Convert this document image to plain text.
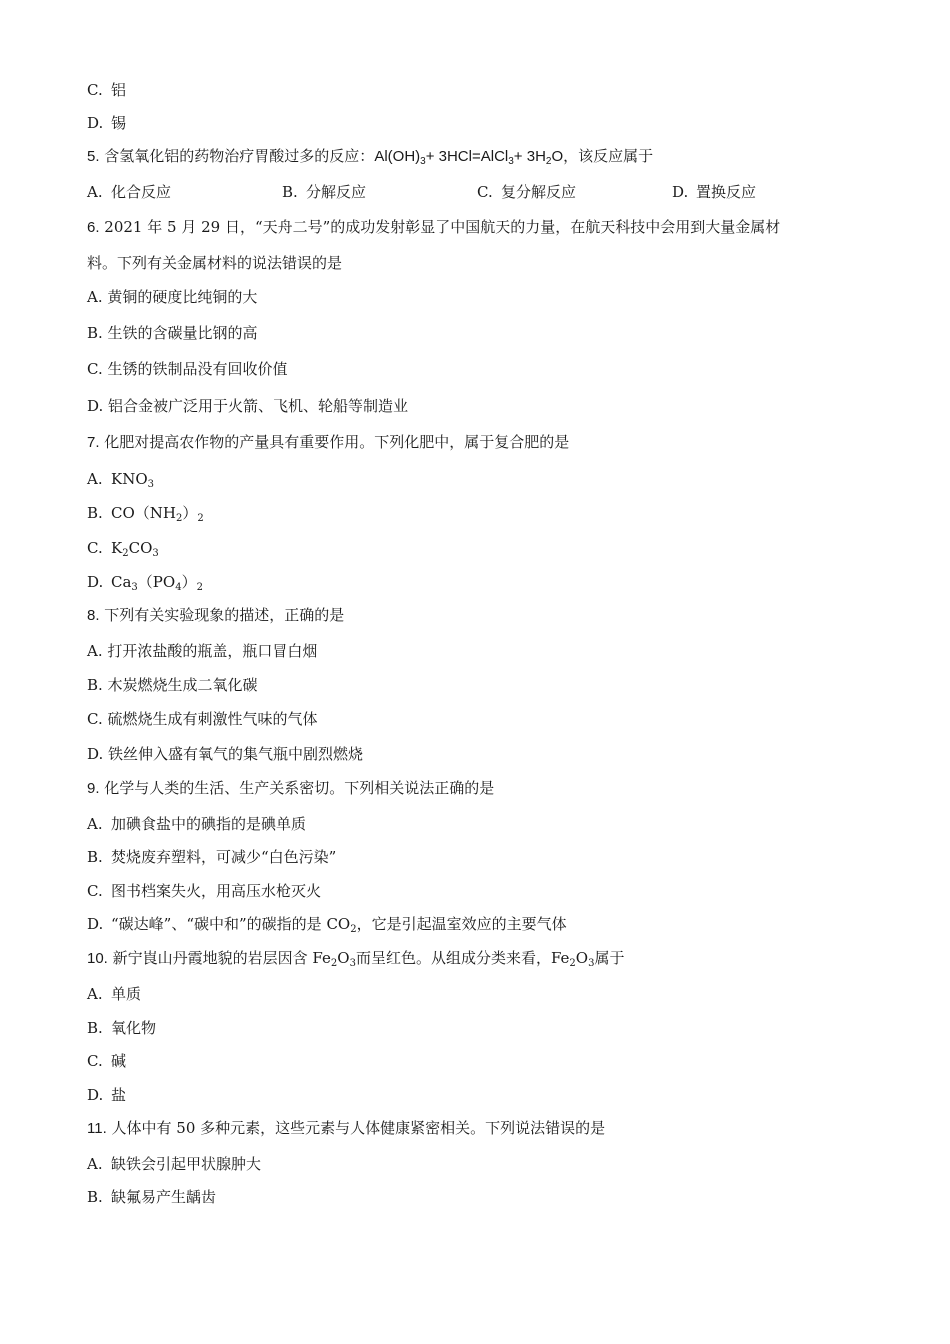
C. 铝
D. 锡
5. 含氢氧化铝的药物治疗胃酸过多的反应：$Al(OH)_3+$ 3HCl=AlCl$_3$+ $3H_2O$，该反应属于
A. 化合反应	B. 分解反应	C. 复分解反应	D. 置换反应
6. 2021 年 5 月 29 日，“天舟二号”的成功发射彰显了中国航天的力量，在航天科技中会用到大量金属材
料。下列有关金属材料的说法错误的是
A. 黄铜的硬度比纯铜的大
B. 生铁的含碳量比钢的高
C. 生锈的铁制品没有回收价值
D. 铝合金被广泛用于火箭、飞机、轮船等制造业
7. 化肥对提高农作物的产量具有重要作用。下列化肥中，属于复合肥的是
A. $KNO_3$
B. $CO(NH_2)_2$
C. $K_2CO_3$
D. $Ca_3(PO_4)_2$
8. 下列有关实验现象的描述，正确的是
A. 打开浓盐酸的瓶盖，瓶口冒白烟
B. 木炭燃烧生成二氧化碳
C. 硫燃烧生成有刺激性气味的气体
D. 铁丝伸入盛有氧气的集气瓶中剧烈燃烧
9. 化学与人类的生活、生产关系密切。下列相关说法正确的是
A. 加碘食盐中的碘指的是碘单质
B. 焚烧废弃塑料，可减少“白色污染”
C. 图书档案失火，用高压水枪灭火
D. “碳达峰”、“碳中和”的碳指的是 $CO_2$，它是引起温室效应的主要气体
10. 新宁崀山丹霞地貌的岩层因含 $Fe_2O_3$而呈红色。从组成分类来看，$Fe_2O_3$属于
A. 单质
B. 氧化物
C. 碱
D. 盐
11. 人体中有 50 多种元素，这些元素与人体健康紧密相关。下列说法错误的是
A. 缺铁会引起甲状腺肿大
B. 缺氟易产生龋齿
